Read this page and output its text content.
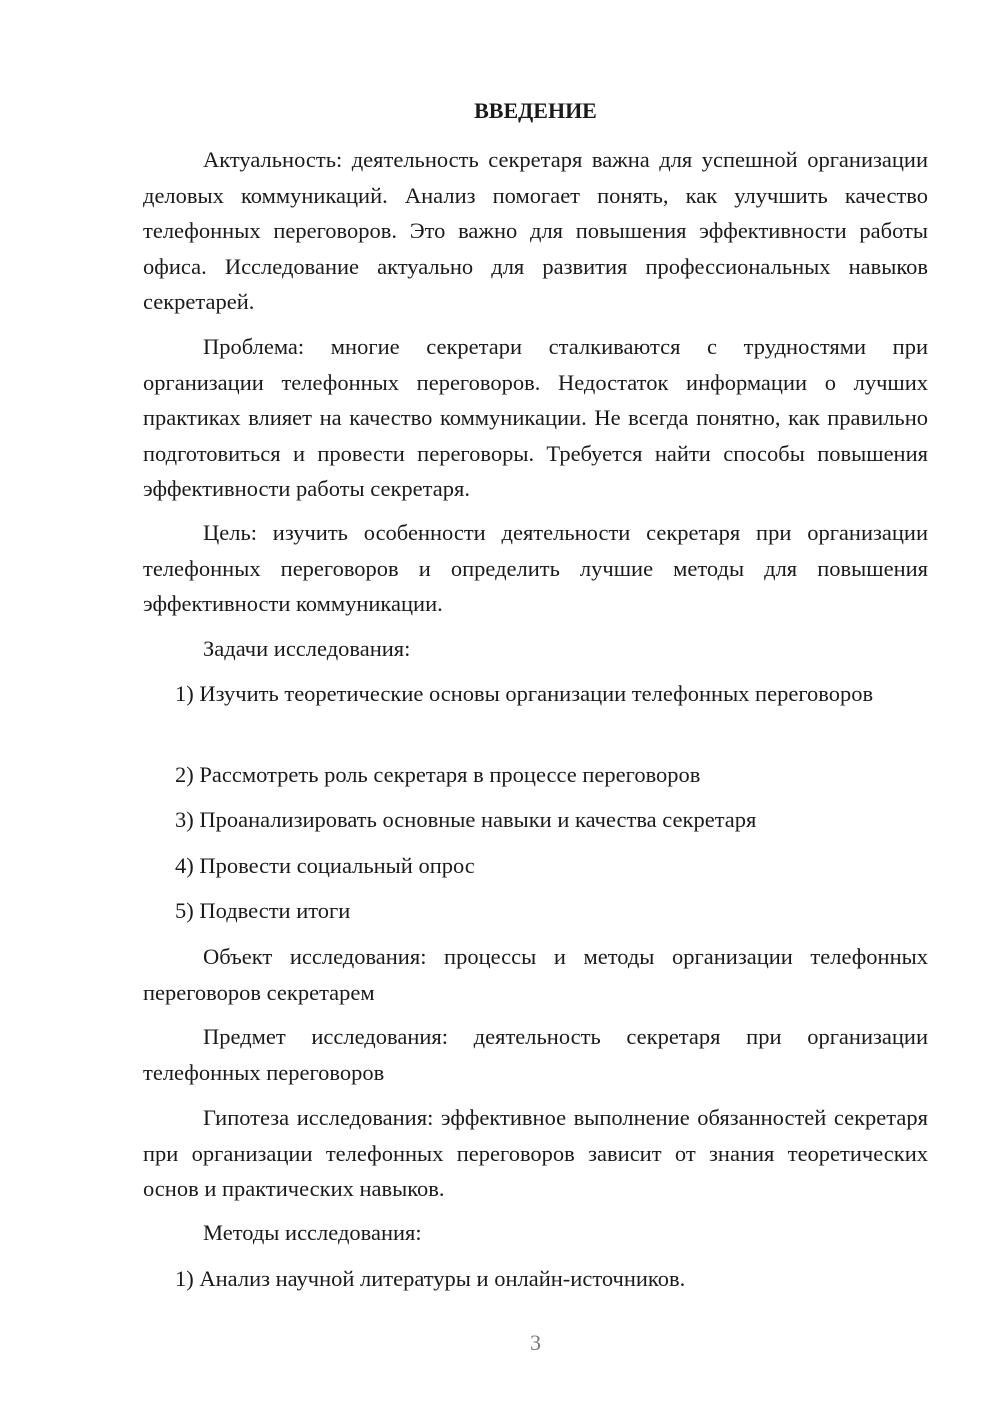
ВВЕДЕНИЕ

Актуальность: деятельность секретаря важна для успешной организации деловых коммуникаций. Анализ помогает понять, как улучшить качество телефонных переговоров. Это важно для повышения эффективности работы офиса. Исследование актуально для развития профессиональных навыков секретарей.

Проблема: многие секретари сталкиваются с трудностями при организации телефонных переговоров. Недостаток информации о лучших практиках влияет на качество коммуникации. Не всегда понятно, как правильно подготовиться и провести переговоры. Требуется найти способы повышения эффективности работы секретаря.

Цель: изучить особенности деятельности секретаря при организации телефонных переговоров и определить лучшие методы для повышения эффективности коммуникации.

Задачи исследования:

1) Изучить теоретические основы организации телефонных переговоров

2) Рассмотреть роль секретаря в процессе переговоров

3) Проанализировать основные навыки и качества секретаря

4) Провести социальный опрос

5) Подвести итоги

Объект исследования: процессы и методы организации телефонных переговоров секретарем

Предмет исследования: деятельность секретаря при организации телефонных переговоров

Гипотеза исследования: эффективное выполнение обязанностей секретаря при организации телефонных переговоров зависит от знания теоретических основ и практических навыков.

Методы исследования:

1) Анализ научной литературы и онлайн-источников.

3
